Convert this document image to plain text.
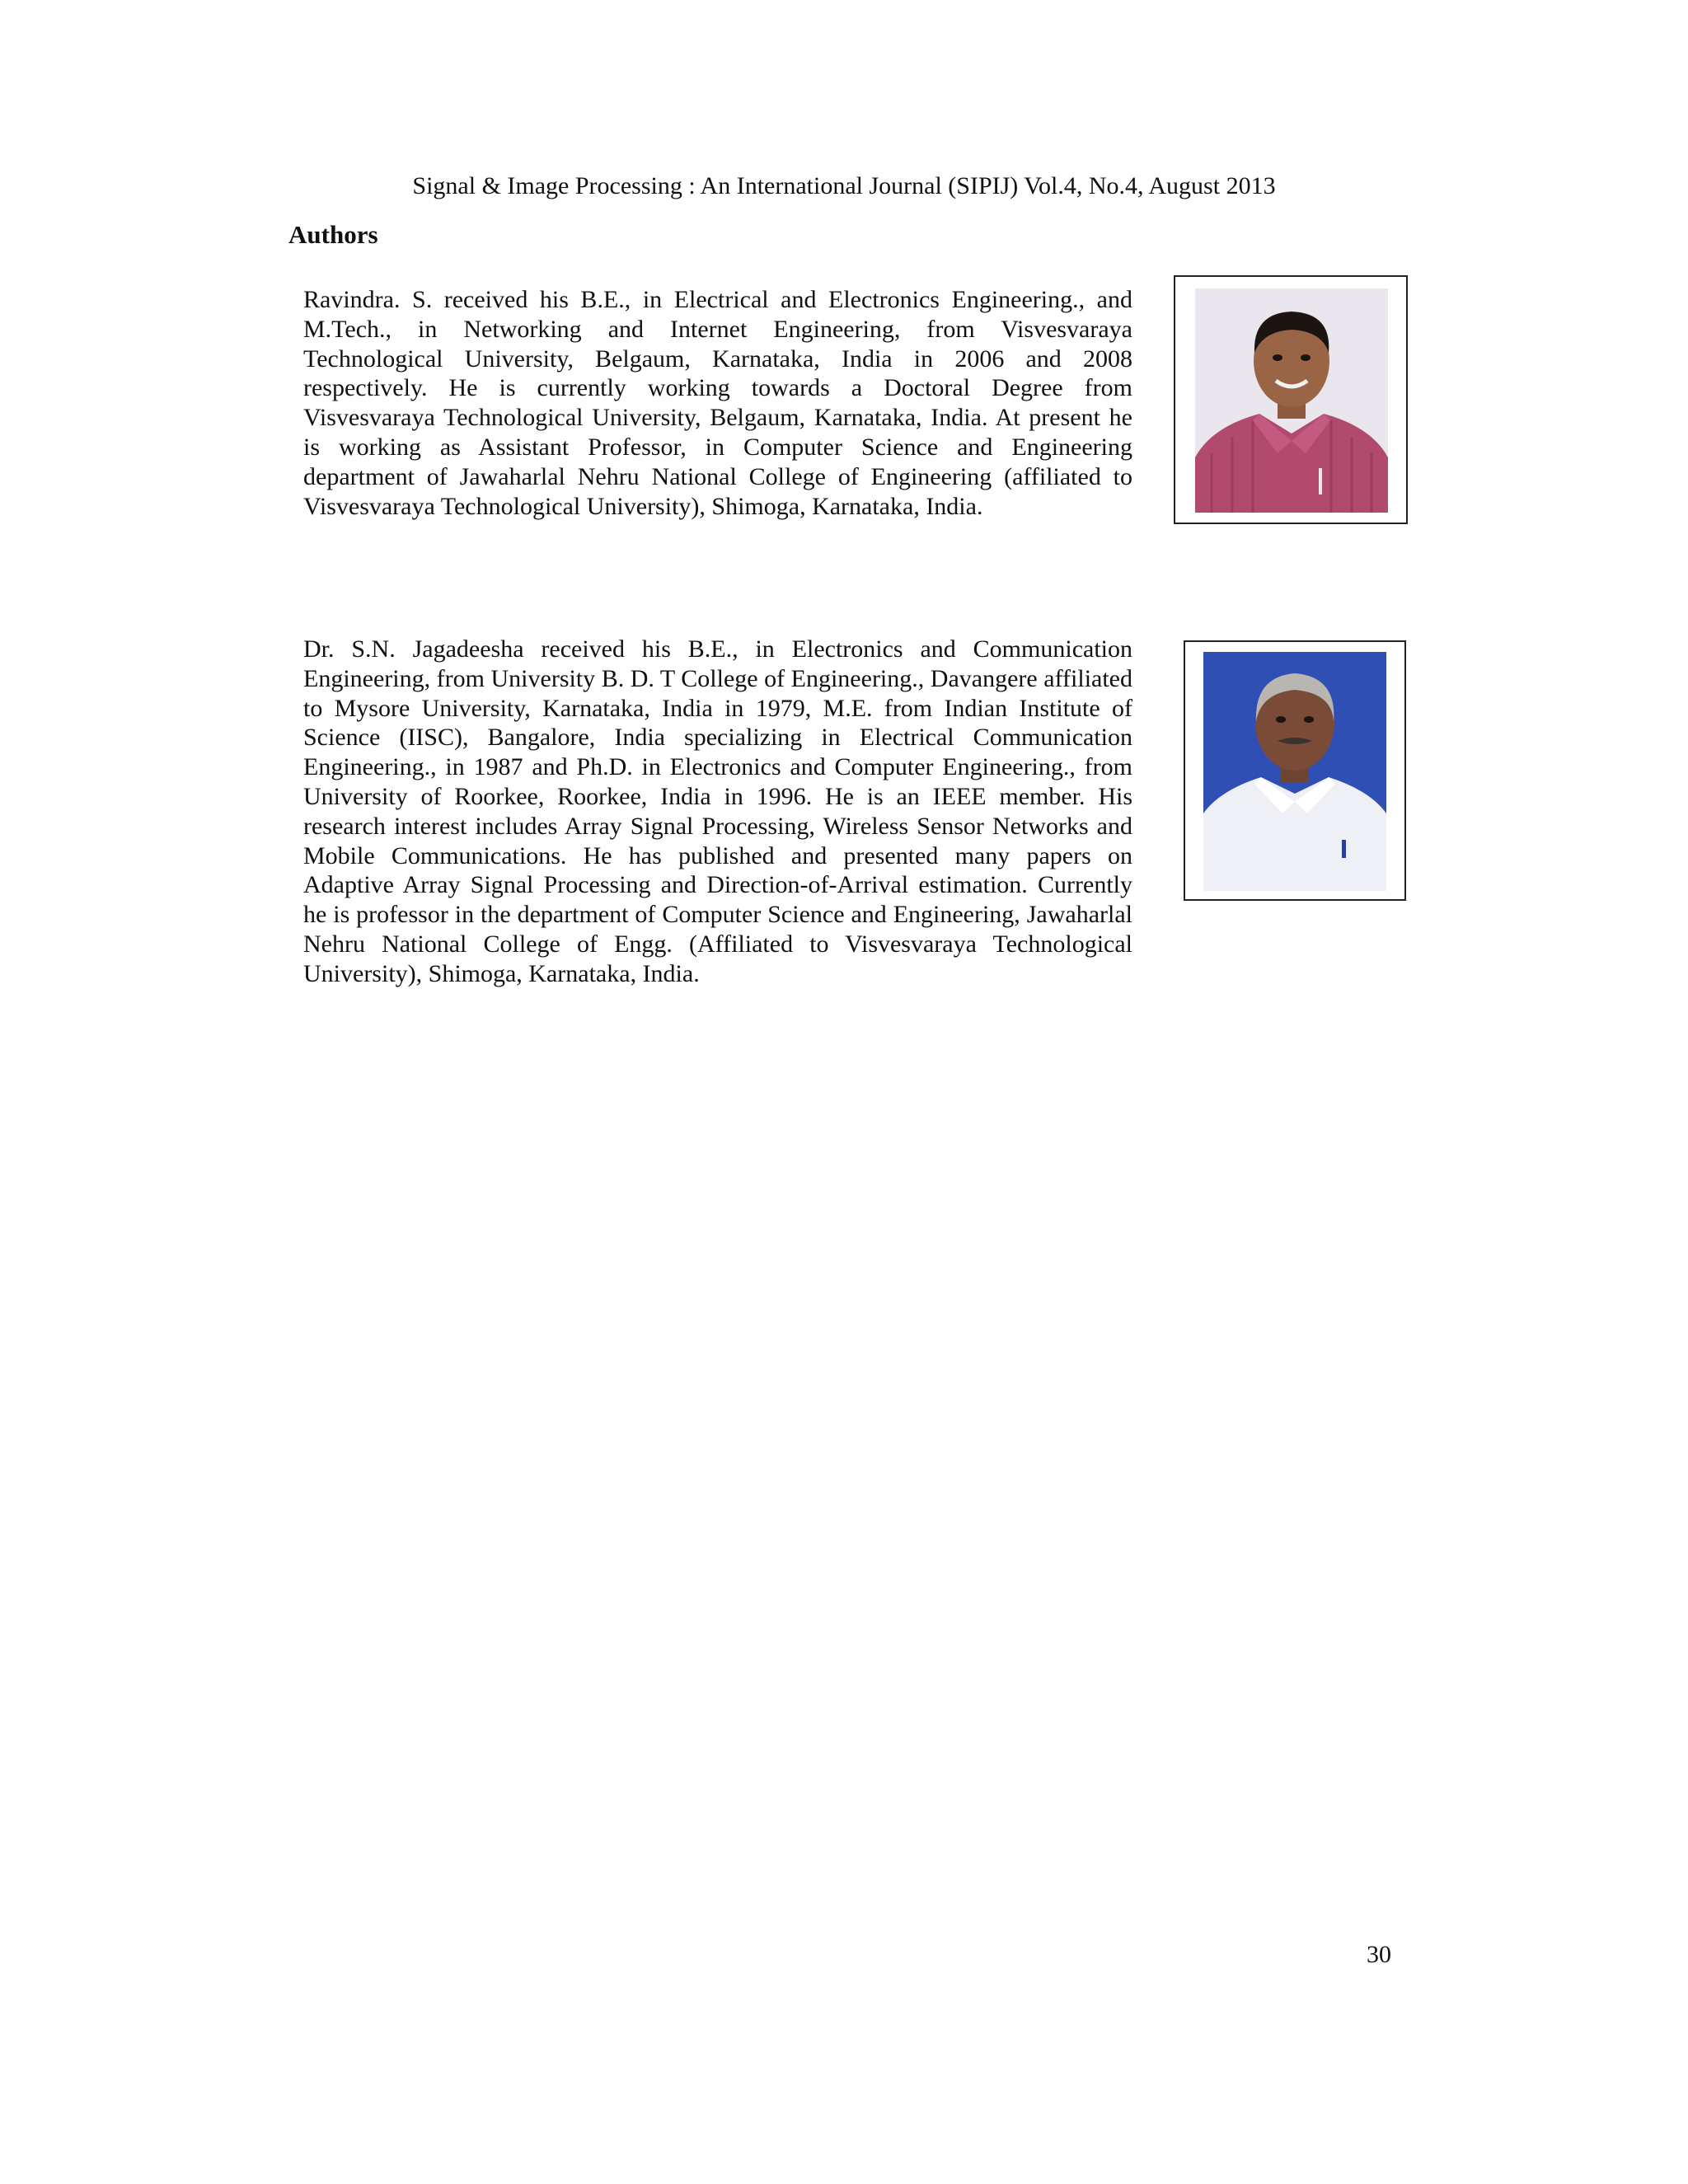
Signal & Image Processing : An International Journal (SIPIJ) Vol.4, No.4, August 2013
Authors

Ravindra. S. received his B.E., in Electrical and Electronics Engineering., and M.Tech., in Networking and Internet Engineering, from Visvesvaraya Technological University, Belgaum, Karnataka, India in 2006 and 2008 respectively. He is currently working towards a Doctoral Degree from Visvesvaraya Technological University, Belgaum, Karnataka, India. At present he is working as Assistant Professor, in Computer Science and Engineering department of Jawaharlal Nehru National College of Engineering (affiliated to Visvesvaraya Technological University), Shimoga, Karnataka, India.

Dr. S.N. Jagadeesha received his B.E., in Electronics and Communication Engineering, from University B. D. T College of Engineering., Davangere affiliated to Mysore University, Karnataka, India in 1979, M.E. from Indian Institute of Science (IISC), Bangalore, India specializing in Electrical Communication Engineering., in 1987 and Ph.D. in Electronics and Computer Engineering., from University of Roorkee, Roorkee, India in 1996. He is an IEEE member. His research interest includes Array Signal Processing, Wireless Sensor Networks and Mobile Communications. He has published and presented many papers on Adaptive Array Signal Processing and Direction-of-Arrival estimation. Currently he is professor in the department of Computer Science and Engineering, Jawaharlal Nehru National College of Engg. (Affiliated to Visvesvaraya Technological University), Shimoga, Karnataka, India.

30
